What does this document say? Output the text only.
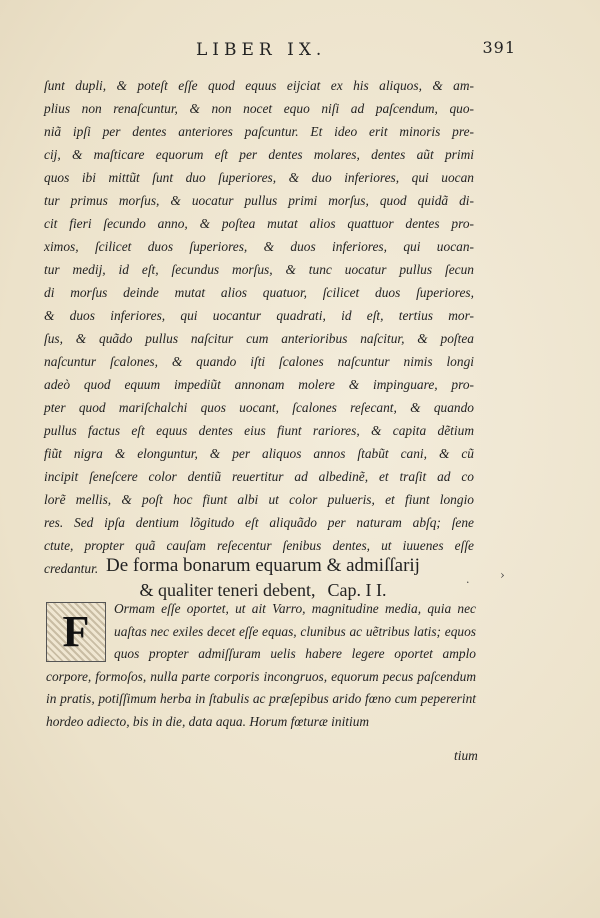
LIBER IX.	391

ſunt dupli, & poteſt eſſe quod equus eijciat ex his aliquos, & am-

plius non renaſcuntur, & non nocet equo niſi ad paſcendum, quo-

niã ipſi per dentes anteriores paſcuntur. Et ideo erit minoris pre-

cij, & maſticare equorum eſt per dentes molares, dentes aũt primi

quos ibi mittũt ſunt duo ſuperiores, & duo inferiores, qui uocan

tur primus morſus, & uocatur pullus primi morſus, quod quidã di-

cit fieri ſecundo anno, & poſtea mutat alios quattuor dentes pro-

ximos, ſcilicet duos ſuperiores, & duos inferiores, qui uocan-

tur medij, id eſt, ſecundus morſus, & tunc uocatur pullus ſecun

di morſus deinde mutat alios quatuor, ſcilicet duos ſuperiores,

& duos inferiores, qui uocantur quadrati, id eſt, tertius mor-

ſus, & quãdo pullus naſcitur cum anterioribus naſcitur, & poſtea

naſcuntur ſcalones, & quando iſti ſcalones naſcuntur nimis longi

adeò quod equum impediũt annonam molere & impinguare, pro-

pter quod mariſchalchi quos uocant, ſcalones reſecant, & quando

pullus factus eſt equus dentes eius fiunt rariores, & capita dẽtium

fiũt nigra & elonguntur, & per aliquos annos ſtabũt cani, & cũ

incipit ſeneſcere color dentiũ reuertitur ad albedinẽ, et traſit ad co

lorẽ mellis, & poſt hoc fiunt albi ut color pulueris, et fiunt longio

res. Sed ipſa dentium lõgitudo eſt aliquãdo per naturam abſq; ſene

ctute, propter quã cauſam reſecentur ſenibus dentes, ut iuuenes eſſe

credantur. De forma bonarum equarum & admiſſarij
& qualiter teneri debent, Cap. I I.	·
›
F	Ormam eſſe oportet, ut ait Varro, magnitudine media, quia nec uaſtas nec exiles decet eſſe equas, clunibus ac uẽtribus latis; equos quos propter admiſſuram uelis habere legere oportet amplo corpore, formoſos, nulla parte corporis incongruos, equorum pecus paſcendum in pratis, potiſſimum herba in ſtabulis ac præſepibus arido fœno cum pepererint hordeo adiecto, bis in die, data aqua. Horum fœturæ initium

tium
